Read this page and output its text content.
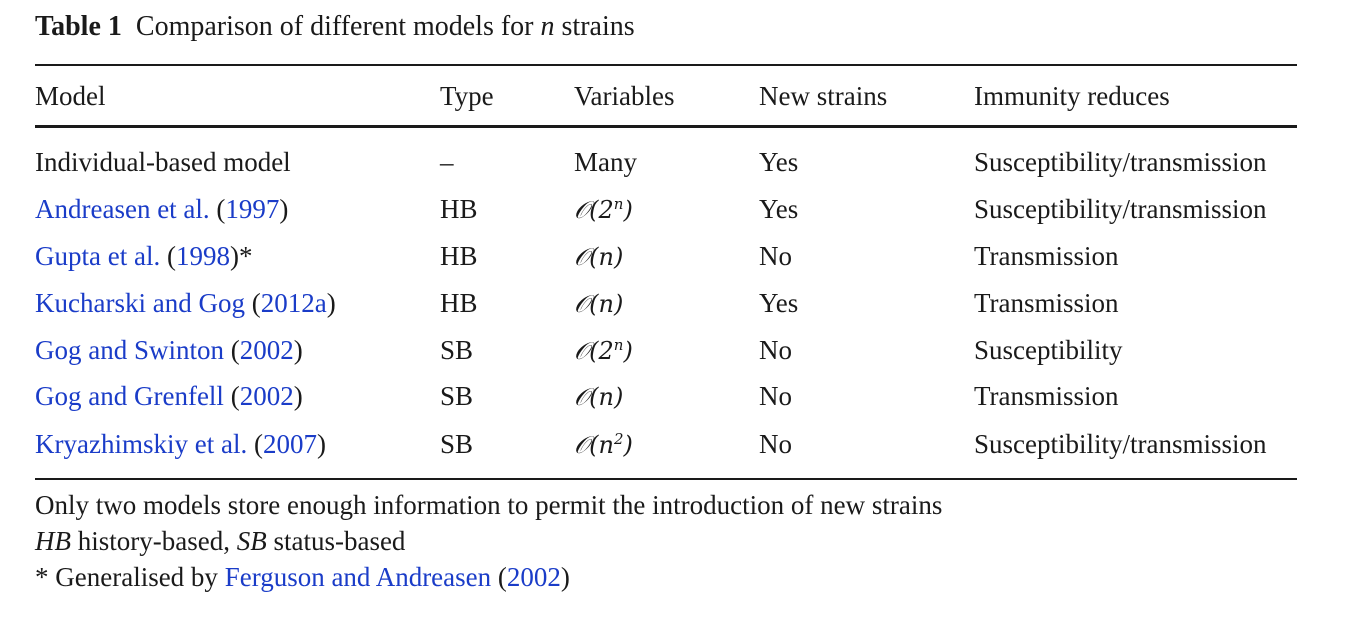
Table 1 Comparison of different models for n strains
Model	Type	Variables	New strains	Immunity reduces
Individual-based model	–	Many	Yes	Susceptibility/transmission
Andreasen et al. (1997)	HB	𝒪(2$^n$)	Yes	Susceptibility/transmission
Gupta et al. (1998)*	HB	𝒪(n)	No	Transmission
Kucharski and Gog (2012a)	HB	𝒪(n)	Yes	Transmission
Gog and Swinton (2002)	SB	𝒪(2$^n$)	No	Susceptibility
Gog and Grenfell (2002)	SB	𝒪(n)	No	Transmission
Kryazhimskiy et al. (2007)	SB	$𝒪(n^2)$	No	Susceptibility/transmission
Only two models store enough information to permit the introduction of new strains
HB history-based, SB status-based
* Generalised by Ferguson and Andreasen (2002)
